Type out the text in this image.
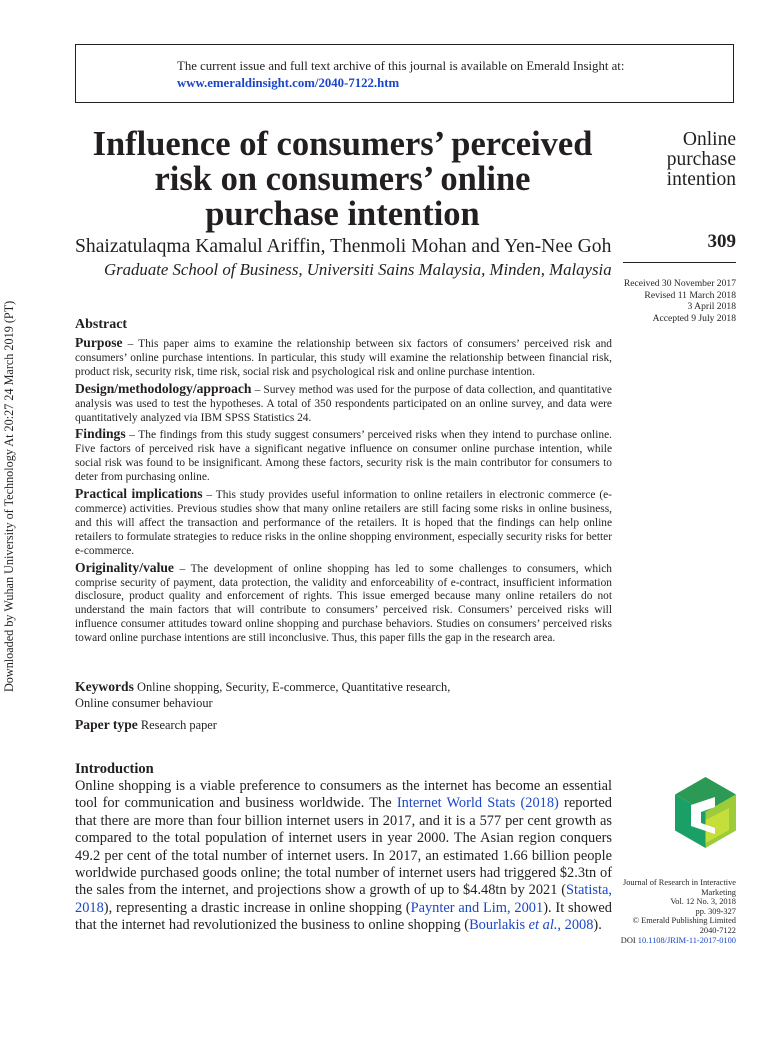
Downloaded by Wuhan University of Technology At 20:27 24 March 2019 (PT)
The current issue and full text archive of this journal is available on Emerald Insight at:
www.emeraldinsight.com/2040-7122.htm
Influence of consumers’ perceived
risk on consumers’ online
purchase intention
Shaizatulaqma Kamalul Ariffin, Thenmoli Mohan and Yen-Nee Goh
Graduate School of Business, Universiti Sains Malaysia, Minden, Malaysia
Online
purchase
intention
309
Received 30 November 2017
Revised 11 March 2018
3 April 2018
Accepted 9 July 2018
Abstract

Purpose – This paper aims to examine the relationship between six factors of consumers’ perceived risk and consumers’ online purchase intentions. In particular, this study will examine the relationship between financial risk, product risk, security risk, time risk, social risk and psychological risk and online purchase intention.

Design/methodology/approach – Survey method was used for the purpose of data collection, and quantitative analysis was used to test the hypotheses. A total of 350 respondents participated on an online survey, and data were quantitatively analyzed via IBM SPSS Statistics 24.

Findings – The findings from this study suggest consumers’ perceived risks when they intend to purchase online. Five factors of perceived risk have a significant negative influence on consumer online purchase intention, while social risk was found to be insignificant. Among these factors, security risk is the main contributor for consumers to deter from purchasing online.

Practical implications – This study provides useful information to online retailers in electronic commerce (e-commerce) activities. Previous studies show that many online retailers are still facing some risks in online business, and this will affect the transaction and performance of the retailers. It is hoped that the findings can help online retailers to formulate strategies to reduce risks in the online shopping environment, especially security risks for better e-commerce.

Originality/value – The development of online shopping has led to some challenges to consumers, which comprise security of payment, data protection, the validity and enforceability of e-contract, insufficient information disclosure, product quality and enforcement of rights. This issue emerged because many online retailers do not understand the main factors that will contribute to consumers’ perceived risk. Consumers’ perceived risks will influence consumer attitudes toward online shopping and purchase behaviors. Studies on consumers’ perceived risks toward online purchase intentions are still inconclusive. Thus, this paper fills the gap in the research area.

Keywords Online shopping, Security, E-commerce, Quantitative research,
Online consumer behaviour
Paper type Research paper
Introduction

Online shopping is a viable preference to consumers as the internet has become an essential tool for communication and business worldwide. The Internet World Stats (2018) reported that there are more than four billion internet users in 2017, and it is a 577 per cent growth as compared to the total population of internet users in year 2000. The Asian region conquers 49.2 per cent of the total number of internet users. In 2017, an estimated 1.66 billion people worldwide purchased goods online; the total number of internet users had triggered $2.3tn of the sales from the internet, and projections show a growth of up to $4.48tn by 2021 (Statista, 2018), representing a drastic increase in online shopping (Paynter and Lim, 2001). It showed that the internet had revolutionized the business to online shopping (Bourlakis et al., 2008).

Journal of Research in Interactive
Marketing
Vol. 12 No. 3, 2018
pp. 309-327
© Emerald Publishing Limited
2040-7122
DOI 10.1108/JRIM-11-2017-0100
